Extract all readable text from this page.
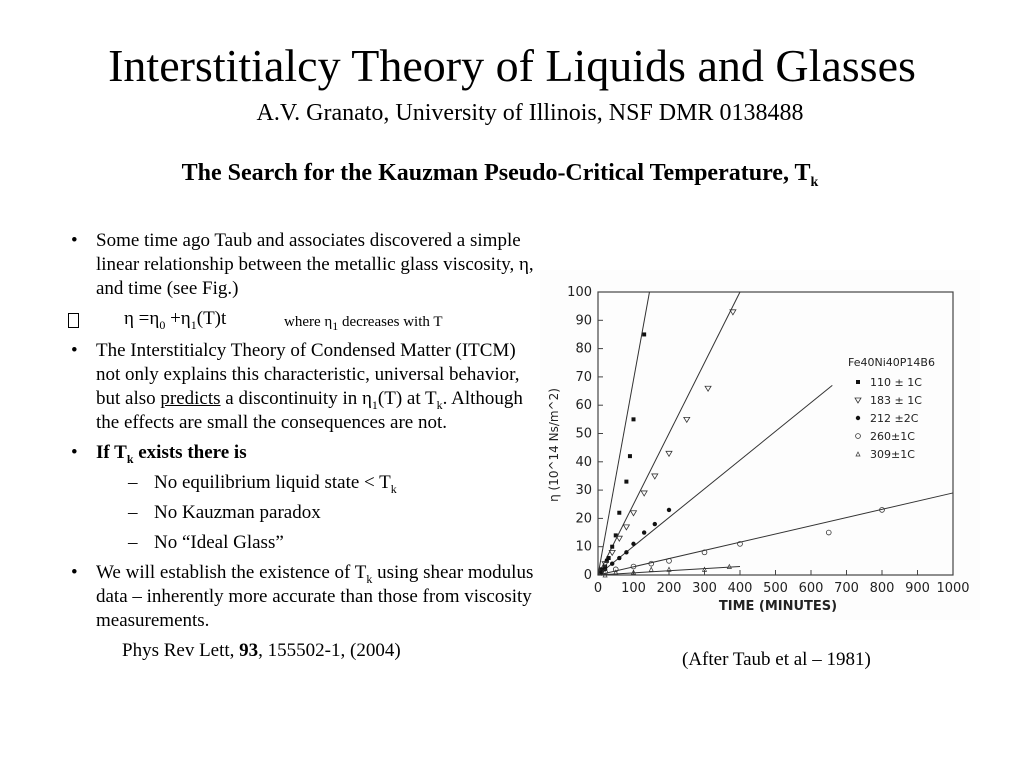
Interstitialcy Theory of Liquids and Glasses
A.V. Granato, University of Illinois, NSF DMR 0138488
The Search for the Kauzman Pseudo-Critical Temperature, $T_k$
• Some time ago Taub and associates discovered a simple linear relationship between the metallic glass viscosity, η, and time (see Fig.)
$\eta =\eta_0 +\eta_1(T)t$	where $\eta_1$ decreases with T
• The Interstitialcy Theory of Condensed Matter (ITCM) not only explains this characteristic, universal behavior, but also predicts a discontinuity in $\eta_1(T)$ at $T_k$. Although the effects are small the consequences are not.
• If $T_k$ exists there is
– No equilibrium liquid state < $T_k$
– No Kauzman paradox
– No “Ideal Glass”
• We will establish the existence of $T_k$ using shear modulus data – inherently more accurate than those from viscosity measurements.
Phys Rev Lett, 93, 155502-1, (2004)
0 100 200 300 400 500 600 700 800 900 1000
0
10
20
30
40
50
60
70
80
90
100
η (10^14 Ns/m^2)
TIME (MINUTES)
Fe40Ni40P14B6
110 ± 1C
183 ± 1C
212 ±2C
260±1C
309±1C
(After Taub et al – 1981)
